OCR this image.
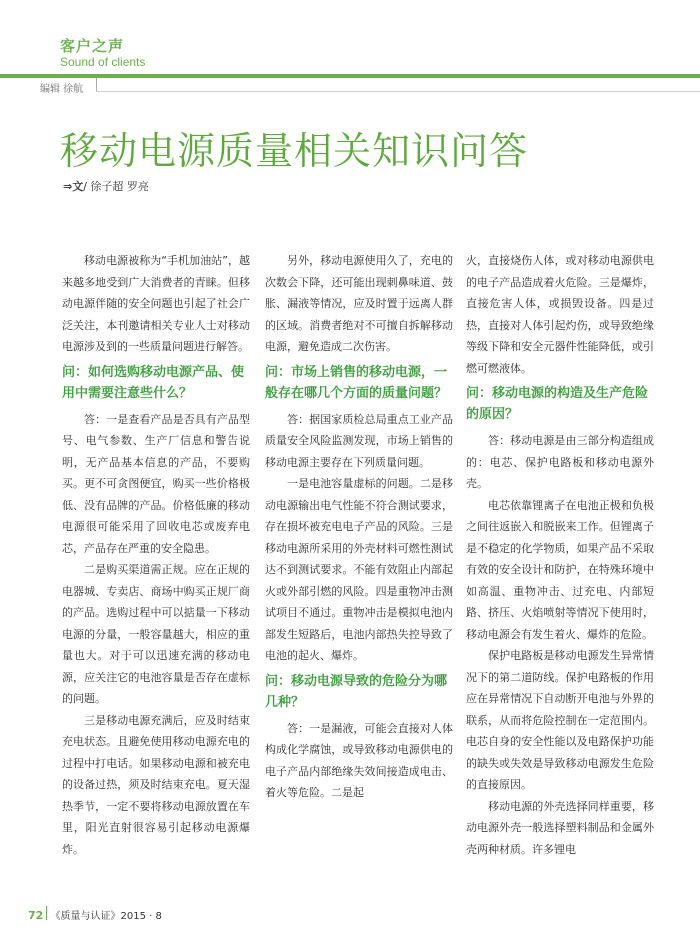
客户之声
Sound of clients
编辑 徐航
移动电源质量相关知识问答
⇒文/ 徐子超 罗亮

移动电源被称为“手机加油站”，越来越多地受到广大消费者的青睐。但移动电源伴随的安全问题也引起了社会广泛关注，本刊邀请相关专业人士对移动电源涉及到的一些质量问题进行解答。

问：如何选购移动电源产品、使用中需要注意些什么？

答：一是查看产品是否具有产品型号、电气参数、生产厂信息和警告说明，无产品基本信息的产品，不要购买。更不可贪图便宜，购买一些价格极低、没有品牌的产品。价格低廉的移动电源很可能采用了回收电芯或废弃电芯，产品存在严重的安全隐患。

二是购买渠道需正规。应在正规的电器城、专卖店、商场中购买正规厂商的产品。选购过程中可以掂量一下移动电源的分量，一般容量越大，相应的重量也大。对于可以迅速充满的移动电源，应关注它的电池容量是否存在虚标的问题。

三是移动电源充满后，应及时结束充电状态。且避免使用移动电源充电的过程中打电话。如果移动电源和被充电的设备过热，须及时结束充电。夏天湿热季节，一定不要将移动电源放置在车里，阳光直射很容易引起移动电源爆炸。

另外，移动电源使用久了，充电的次数会下降，还可能出现刺鼻味道、鼓胀、漏液等情况，应及时置于远离人群的区域。消费者绝对不可擅自拆解移动电源，避免造成二次伤害。

问：市场上销售的移动电源，一般存在哪几个方面的质量问题？

答：据国家质检总局重点工业产品质量安全风险监测发现，市场上销售的移动电源主要存在下列质量问题。

一是电池容量虚标的问题。二是移动电源输出电气性能不符合测试要求，存在损坏被充电电子产品的风险。三是移动电源所采用的外壳材料可燃性测试达不到测试要求。不能有效阻止内部起火或外部引燃的风险。四是重物冲击测试项目不通过。重物冲击是模拟电池内部发生短路后，电池内部热失控导致了电池的起火、爆炸。

问：移动电源导致的危险分为哪几种？

答：一是漏液，可能会直接对人体构成化学腐蚀，或导致移动电源供电的电子产品内部绝缘失效间接造成电击、着火等危险。二是起

火，直接烧伤人体，或对移动电源供电的电子产品造成着火危险。三是爆炸，直接危害人体，或损毁设备。四是过热，直接对人体引起灼伤，或导致绝缘等级下降和安全元器件性能降低，或引燃可燃液体。

问：移动电源的构造及生产危险的原因？

答：移动电源是由三部分构造组成的：电芯、保护电路板和移动电源外壳。

电芯依靠锂离子在电池正极和负极之间往返嵌入和脱嵌来工作。但锂离子是不稳定的化学物质，如果产品不采取有效的安全设计和防护，在特殊环境中如高温、重物冲击、过充电、内部短路、挤压、火焰喷射等情况下使用时，移动电源会有发生着火、爆炸的危险。

保护电路板是移动电源发生异常情况下的第二道防线。保护电路板的作用应在异常情况下自动断开电池与外界的联系，从而将危险控制在一定范围内。电芯自身的安全性能以及电路保护功能的缺失或失效是导致移动电源发生危险的直接原因。

移动电源的外壳选择同样重要，移动电源外壳一般选择塑料制品和金属外壳两种材质。许多锂电

72 《质量与认证》2015 · 8
